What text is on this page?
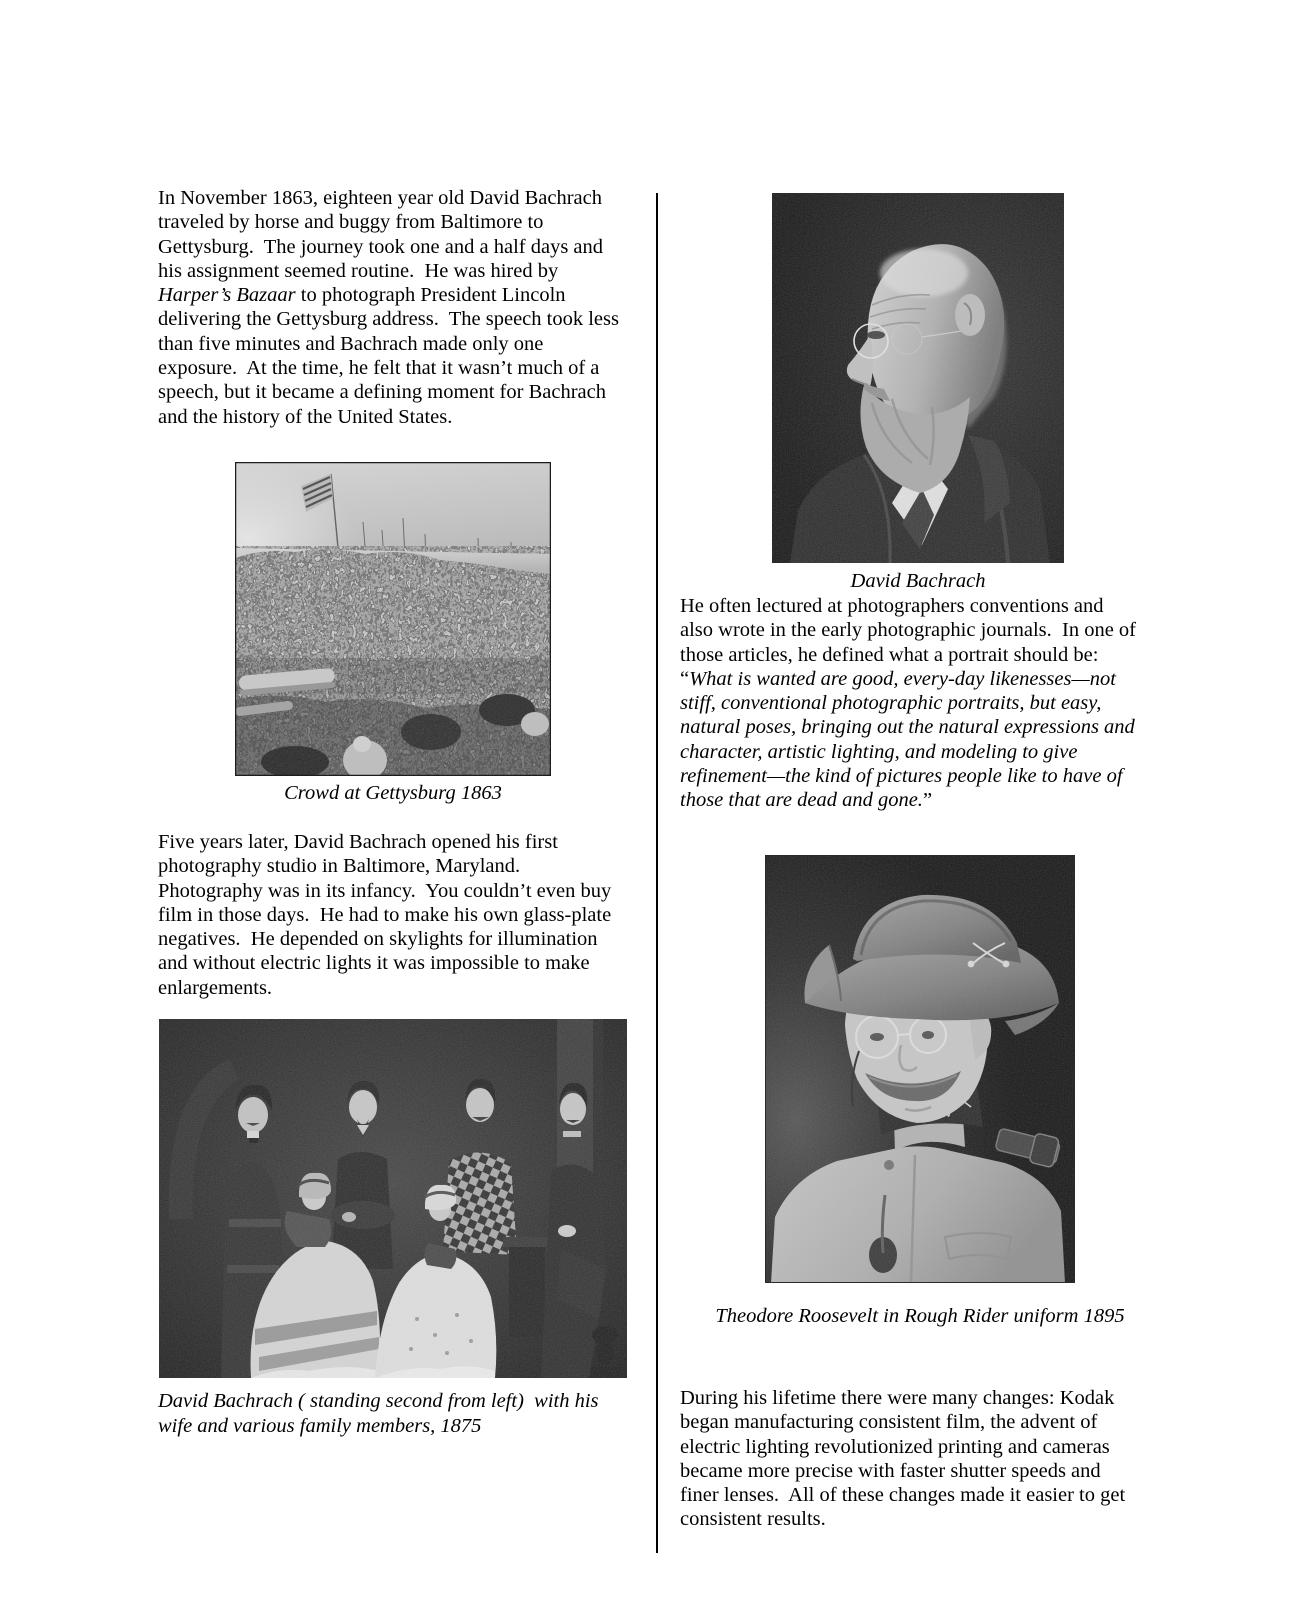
In November 1863, eighteen year old David Bachrach traveled by horse and buggy from Baltimore to Gettysburg.  The journey took one and a half days and his assignment seemed routine.  He was hired by Harper’s Bazaar to photograph President Lincoln delivering the Gettysburg address.  The speech took less than five minutes and Bachrach made only one exposure.  At the time, he felt that it wasn’t much of a speech, but it became a defining moment for Bachrach and the history of the United States.
Crowd at Gettysburg 1863
Five years later, David Bachrach opened his first photography studio in Baltimore, Maryland.  Photography was in its infancy.  You couldn’t even buy film in those days.  He had to make his own glass-plate negatives.  He depended on skylights for illumination and without electric lights it was impossible to make enlargements.
David Bachrach ( standing second from left)  with his wife and various family members, 1875
David Bachrach
He often lectured at photographers conventions and also wrote in the early photographic journals.  In one of those articles, he defined what a portrait should be: “What is wanted are good, every-day likenesses—not stiff, conventional photographic portraits, but easy, natural poses, bringing out the natural expressions and character, artistic lighting, and modeling to give refinement—the kind of pictures people like to have of those that are dead and gone.”
Theodore Roosevelt in Rough Rider uniform 1895
During his lifetime there were many changes: Kodak began manufacturing consistent film, the advent of electric lighting revolutionized printing and cameras became more precise with faster shutter speeds and finer lenses.  All of these changes made it easier to get consistent results.
